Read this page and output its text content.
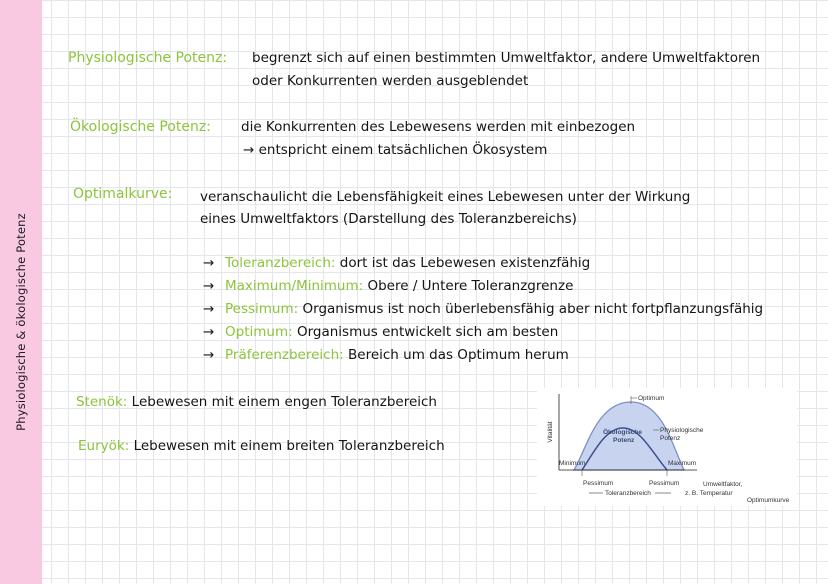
Physiologische & ökologische Potenz
Physiologische Potenz: begrenzt sich auf einen bestimmten Umweltfaktor, andere Umweltfaktoren
oder Konkurrenten werden ausgeblendet
Ökologische Potenz: die Konkurrenten des Lebewesens werden mit einbezogen
→ entspricht einem tatsächlichen Ökosystem
Optimalkurve: veranschaulicht die Lebensfähigkeit eines Lebewesen unter der Wirkung
eines Umweltfaktors (Darstellung des Toleranzbereichs)
→ Toleranzbereich: dort ist das Lebewesen existenzfähig
→ Maximum/Minimum: Obere / Untere Toleranzgrenze
→ Pessimum: Organismus ist noch überlebensfähig aber nicht fortpflanzungsfähig
→ Optimum: Organismus entwickelt sich am besten
→ Präferenzbereich: Bereich um das Optimum herum
Stenök: Lebewesen mit einem engen Toleranzbereich
Euryök: Lebewesen mit einem breiten Toleranzbereich
Vitalität
Optimum
Ökologische
Potenz
Physiologische
Potenz
Minimum	Maximum
Pessimum	Pessimum
Toleranzbereich
Umweltfaktor,
z. B. Temperatur
Optimumkurve
